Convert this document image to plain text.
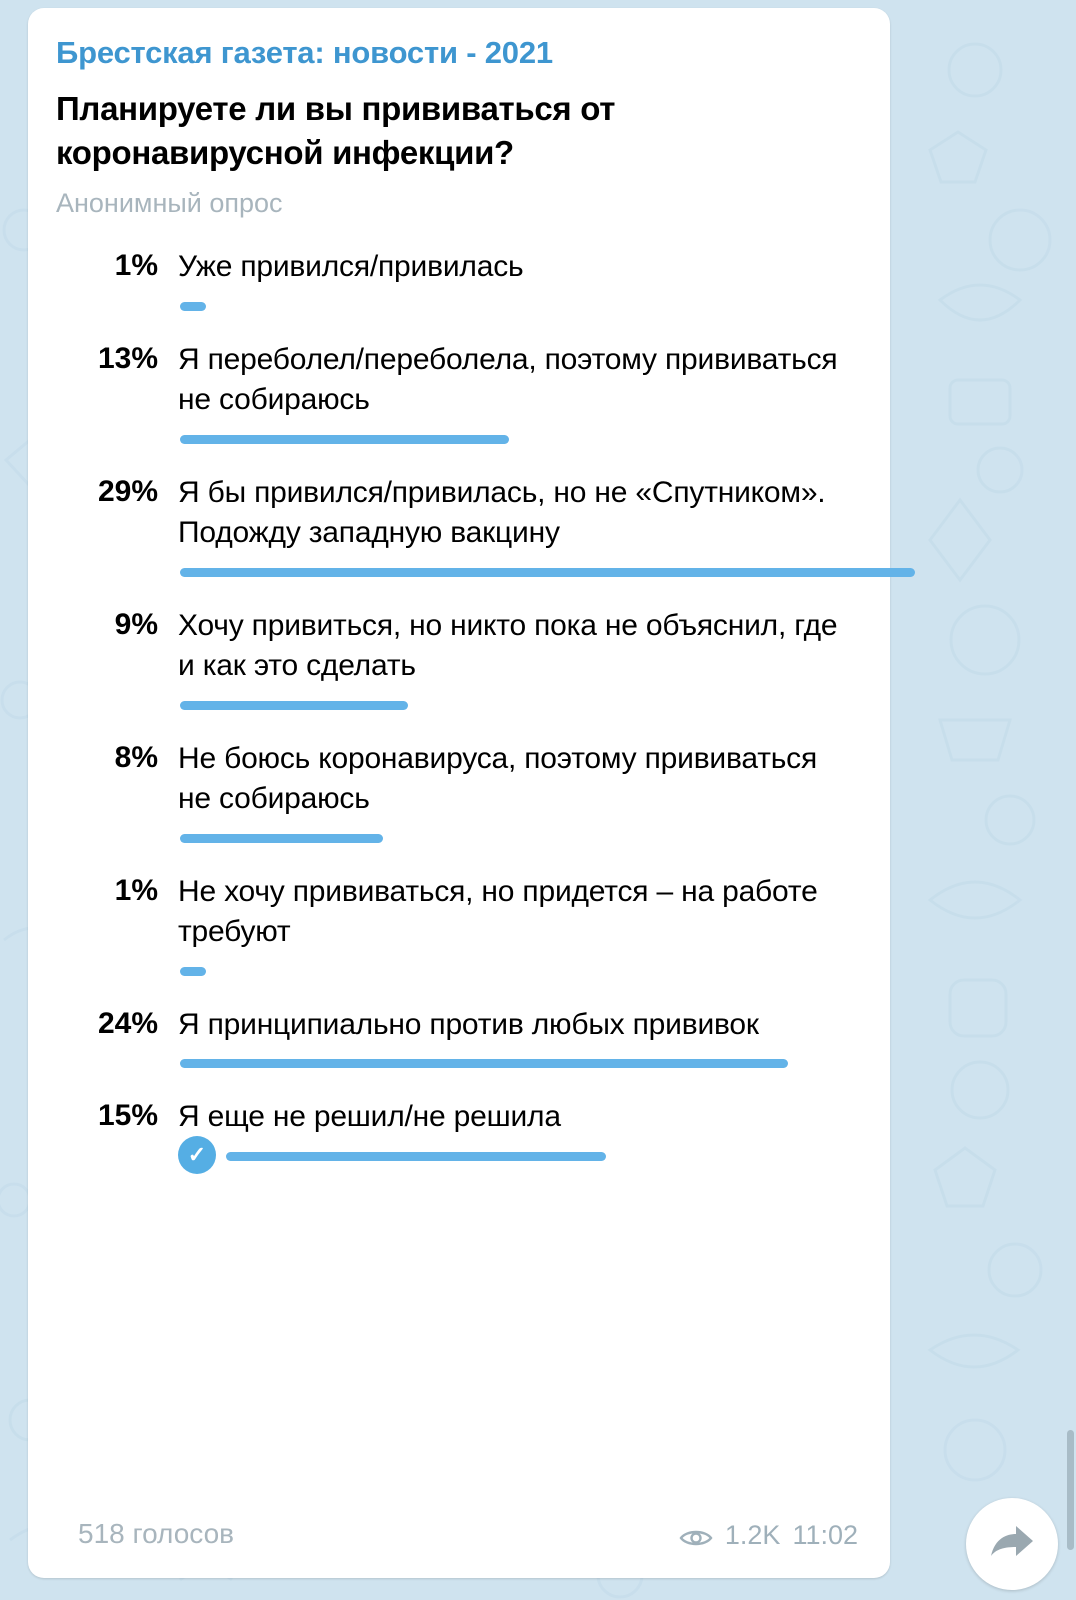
Брестская газета: новости - 2021
Планируете ли вы прививаться от коронавирусной инфекции?
Анонимный опрос
1% Уже привился/привилась
13% Я переболел/переболела, поэтому прививаться не собираюсь
29% Я бы привился/привилась, но не «Спутником». Подожду западную вакцину
9% Хочу привиться, но никто пока не объяснил, где и как это сделать
8% Не боюсь коронавируса, поэтому прививаться не собираюсь
1% Не хочу прививаться, но придется – на работе требуют
24% Я принципиально против любых прививок
15% Я еще не решил/не решила
✓
518 голосов	1.2K 11:02
